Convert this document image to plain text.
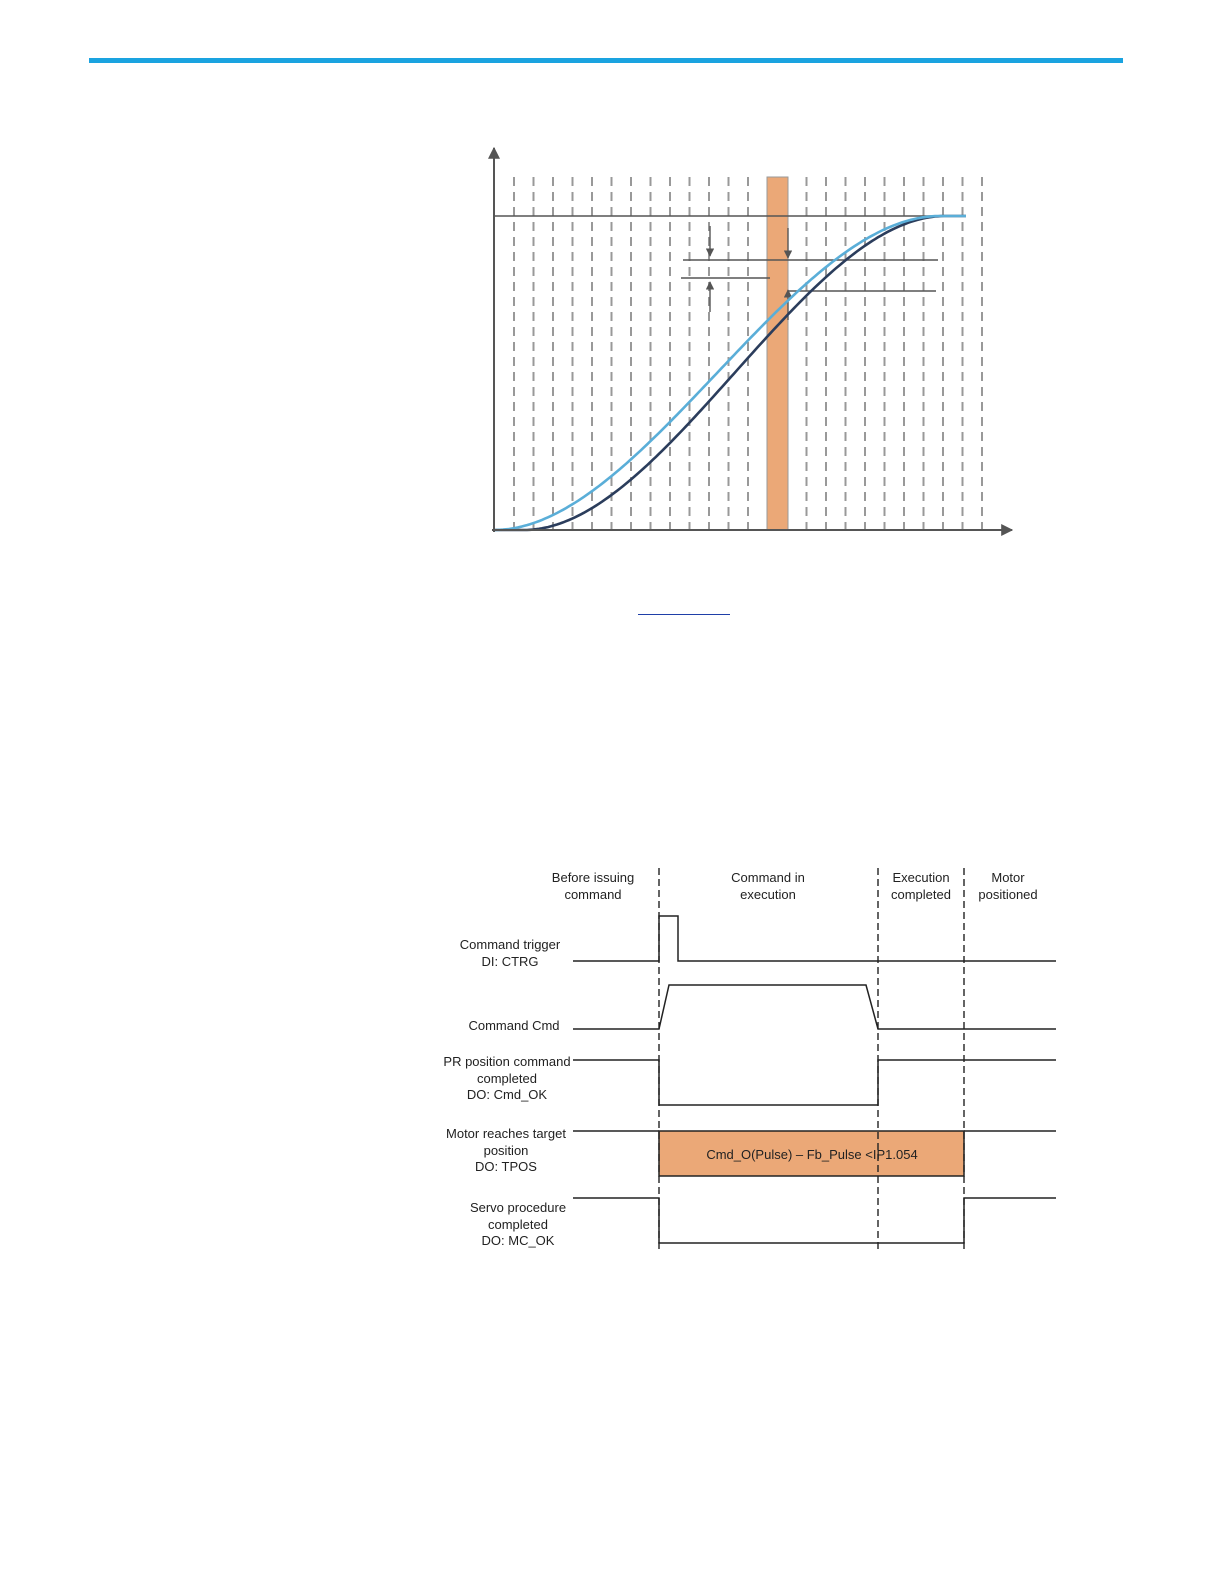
Before issuing
command
Command in
execution
Execution
completed
Motor
positioned
Command trigger
DI: CTRG
Command Cmd
PR position command
completed
DO: Cmd_OK
Motor reaches target
position
DO: TPOS
Servo procedure
completed
DO: MC_OK
Cmd_O(Pulse) – Fb_Pulse <IP1.054
